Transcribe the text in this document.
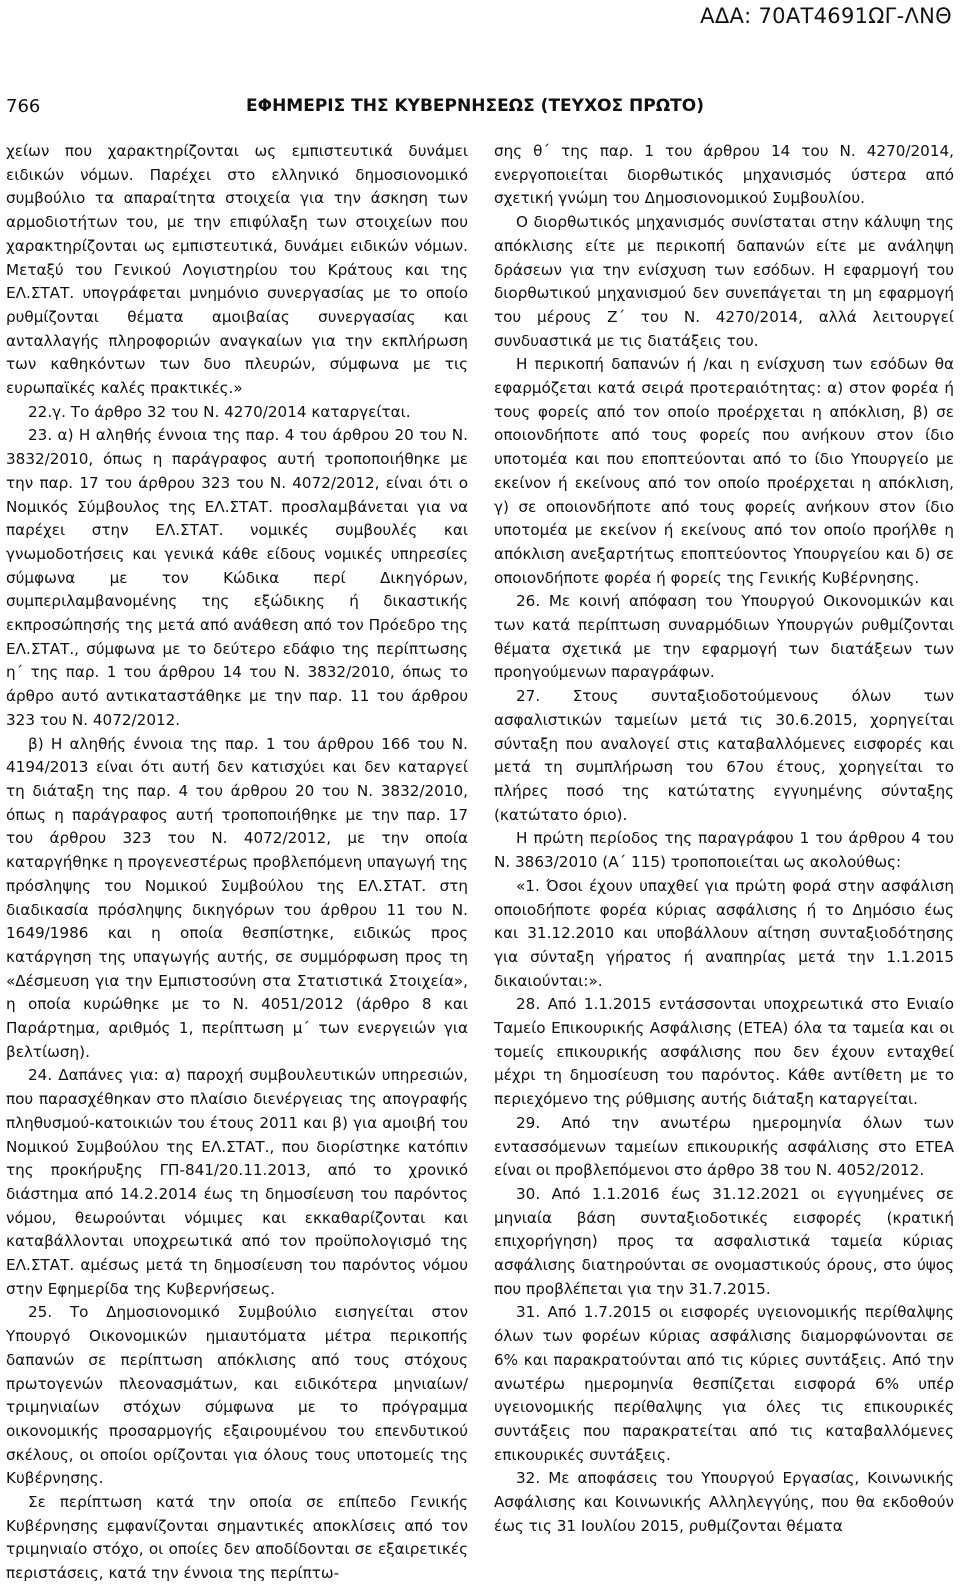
ΑΔΑ: 70ΑΤ4691ΩΓ-ΛΝΘ
766	ΕΦΗΜΕΡΙΣ ΤΗΣ ΚΥΒΕΡΝΗΣΕΩΣ (ΤΕΥΧΟΣ ΠΡΩΤΟ)

χείων που χαρακτηρίζονται ως εμπιστευτικά δυνάμει ειδικών νόμων. Παρέχει στο ελληνικό δημοσιονομικό συμβούλιο τα απαραίτητα στοιχεία για την άσκηση των αρμοδιοτήτων του, με την επιφύλαξη των στοιχείων που χαρακτηρίζονται ως εμπιστευτικά, δυνάμει ειδικών νόμων. Μεταξύ του Γενικού Λογιστηρίου του Κράτους και της ΕΛ.ΣΤΑΤ. υπογράφεται μνημόνιο συνεργασίας με το οποίο ρυθμίζονται θέματα αμοιβαίας συνεργασίας και ανταλλαγής πληροφοριών αναγκαίων για την εκπλήρωση των καθηκόντων των δυο πλευρών, σύμφωνα με τις ευρωπαϊκές καλές πρακτικές.»

22.γ. Το άρθρο 32 του Ν. 4270/2014 καταργείται.

23. α) Η αληθής έννοια της παρ. 4 του άρθρου 20 του Ν. 3832/2010, όπως η παράγραφος αυτή τροποποιήθηκε με την παρ. 17 του άρθρου 323 του Ν. 4072/2012, είναι ότι ο Νομικός Σύμβουλος της ΕΛ.ΣΤΑΤ. προσλαμβάνεται για να παρέχει στην ΕΛ.ΣΤΑΤ. νομικές συμβουλές και γνωμοδοτήσεις και γενικά κάθε είδους νομικές υπηρεσίες σύμφωνα με τον Κώδικα περί Δικηγόρων, συμπεριλαμβανομένης της εξώδικης ή δικαστικής εκπροσώπησής της μετά από ανάθεση από τον Πρόεδρο της ΕΛ.ΣΤΑΤ., σύμφωνα με το δεύτερο εδάφιο της περίπτωσης η΄ της παρ. 1 του άρθρου 14 του Ν. 3832/2010, όπως το άρθρο αυτό αντικαταστάθηκε με την παρ. 11 του άρθρου 323 του Ν. 4072/2012.

β) Η αληθής έννοια της παρ. 1 του άρθρου 166 του Ν. 4194/2013 είναι ότι αυτή δεν κατισχύει και δεν καταργεί τη διάταξη της παρ. 4 του άρθρου 20 του Ν. 3832/2010, όπως η παράγραφος αυτή τροποποιήθηκε με την παρ. 17 του άρθρου 323 του Ν. 4072/2012, με την οποία καταργήθηκε η προγενεστέρως προβλεπόμενη υπαγωγή της πρόσληψης του Νομικού Συμβούλου της ΕΛ.ΣΤΑΤ. στη διαδικασία πρόσληψης δικηγόρων του άρθρου 11 του Ν. 1649/1986 και η οποία θεσπίστηκε, ειδικώς προς κατάργηση της υπαγωγής αυτής, σε συμμόρφωση προς τη «Δέσμευση για την Εμπιστοσύνη στα Στατιστικά Στοιχεία», η οποία κυρώθηκε με το Ν. 4051/2012 (άρθρο 8 και Παράρτημα, αριθμός 1, περίπτωση μ΄ των ενεργειών για βελτίωση).

24. Δαπάνες για: α) παροχή συμβουλευτικών υπηρεσιών, που παρασχέθηκαν στο πλαίσιο διενέργειας της απογραφής πληθυσμού-κατοικιών του έτους 2011 και β) για αμοιβή του Νομικού Συμβούλου της ΕΛ.ΣΤΑΤ., που διορίστηκε κατόπιν της προκήρυξης ΓΠ-841/20.11.2013, από το χρονικό διάστημα από 14.2.2014 έως τη δημοσίευση του παρόντος νόμου, θεωρούνται νόμιμες και εκκαθαρίζονται και καταβάλλονται υποχρεωτικά από τον προϋπολογισμό της ΕΛ.ΣΤΑΤ. αμέσως μετά τη δημοσίευση του παρόντος νόμου στην Εφημερίδα της Κυβερνήσεως.

25. Το Δημοσιονομικό Συμβούλιο εισηγείται στον Υπουργό Οικονομικών ημιαυτόματα μέτρα περικοπής δαπανών σε περίπτωση απόκλισης από τους στόχους πρωτογενών πλεονασμάτων, και ειδικότερα μηνιαίων/τριμηνιαίων στόχων σύμφωνα με το πρόγραμμα οικονομικής προσαρμογής εξαιρουμένου του επενδυτικού σκέλους, οι οποίοι ορίζονται για όλους τους υποτομείς της Κυβέρνησης.

Σε περίπτωση κατά την οποία σε επίπεδο Γενικής Κυβέρνησης εμφανίζονται σημαντικές αποκλίσεις από τον τριμηνιαίο στόχο, οι οποίες δεν αποδίδονται σε εξαιρετικές περιστάσεις, κατά την έννοια της περίπτω-

σης θ΄ της παρ. 1 του άρθρου 14 του Ν. 4270/2014, ενεργοποιείται διορθωτικός μηχανισμός ύστερα από σχετική γνώμη του Δημοσιονομικού Συμβουλίου.

Ο διορθωτικός μηχανισμός συνίσταται στην κάλυψη της απόκλισης είτε με περικοπή δαπανών είτε με ανάληψη δράσεων για την ενίσχυση των εσόδων. Η εφαρμογή του διορθωτικού μηχανισμού δεν συνεπάγεται τη μη εφαρμογή του μέρους Ζ΄ του Ν. 4270/2014, αλλά λειτουργεί συνδυαστικά με τις διατάξεις του.

Η περικοπή δαπανών ή /και η ενίσχυση των εσόδων θα εφαρμόζεται κατά σειρά προτεραιότητας: α) στον φορέα ή τους φορείς από τον οποίο προέρχεται η απόκλιση, β) σε οποιονδήποτε από τους φορείς που ανήκουν στον ίδιο υποτομέα και που εποπτεύονται από το ίδιο Υπουργείο με εκείνον ή εκείνους από τον οποίο προέρχεται η απόκλιση, γ) σε οποιονδήποτε από τους φορείς ανήκουν στον ίδιο υποτομέα με εκείνον ή εκείνους από τον οποίο προήλθε η απόκλιση ανεξαρτήτως εποπτεύοντος Υπουργείου και δ) σε οποιονδήποτε φορέα ή φορείς της Γενικής Κυβέρνησης.

26. Με κοινή απόφαση του Υπουργού Οικονομικών και των κατά περίπτωση συναρμόδιων Υπουργών ρυθμίζονται θέματα σχετικά με την εφαρμογή των διατάξεων των προηγούμενων παραγράφων.

27. Στους συνταξιοδοτούμενους όλων των ασφαλιστικών ταμείων μετά τις 30.6.2015, χορηγείται σύνταξη που αναλογεί στις καταβαλλόμενες εισφορές και μετά τη συμπλήρωση του 67ου έτους, χορηγείται το πλήρες ποσό της κατώτατης εγγυημένης σύνταξης (κατώτατο όριο).

Η πρώτη περίοδος της παραγράφου 1 του άρθρου 4 του Ν. 3863/2010 (Α΄ 115) τροποποιείται ως ακολούθως:

«1. Όσοι έχουν υπαχθεί για πρώτη φορά στην ασφάλιση οποιοδήποτε φορέα κύριας ασφάλισης ή το Δημόσιο έως και 31.12.2010 και υποβάλλουν αίτηση συνταξιοδότησης για σύνταξη γήρατος ή αναπηρίας μετά την 1.1.2015 δικαιούνται:».

28. Από 1.1.2015 εντάσσονται υποχρεωτικά στο Ενιαίο Ταμείο Επικουρικής Ασφάλισης (ΕΤΕΑ) όλα τα ταμεία και οι τομείς επικουρικής ασφάλισης που δεν έχουν ενταχθεί μέχρι τη δημοσίευση του παρόντος. Κάθε αντίθετη με το περιεχόμενο της ρύθμισης αυτής διάταξη καταργείται.

29. Από την ανωτέρω ημερομηνία όλων των εντασσόμενων ταμείων επικουρικής ασφάλισης στο ΕΤΕΑ είναι οι προβλεπόμενοι στο άρθρο 38 του Ν. 4052/2012.

30. Από 1.1.2016 έως 31.12.2021 οι εγγυημένες σε μηνιαία βάση συνταξιοδοτικές εισφορές (κρατική επιχορήγηση) προς τα ασφαλιστικά ταμεία κύριας ασφάλισης διατηρούνται σε ονομαστικούς όρους, στο ύψος που προβλέπεται για την 31.7.2015.

31. Από 1.7.2015 οι εισφορές υγειονομικής περίθαλψης όλων των φορέων κύριας ασφάλισης διαμορφώνονται σε 6% και παρακρατούνται από τις κύριες συντάξεις. Από την ανωτέρω ημερομηνία θεσπίζεται εισφορά 6% υπέρ υγειονομικής περίθαλψης για όλες τις επικουρικές συντάξεις που παρακρατείται από τις καταβαλλόμενες επικουρικές συντάξεις.

32. Με αποφάσεις του Υπουργού Εργασίας, Κοινωνικής Ασφάλισης και Κοινωνικής Αλληλεγγύης, που θα εκδοθούν έως τις 31 Ιουλίου 2015, ρυθμίζονται θέματα
